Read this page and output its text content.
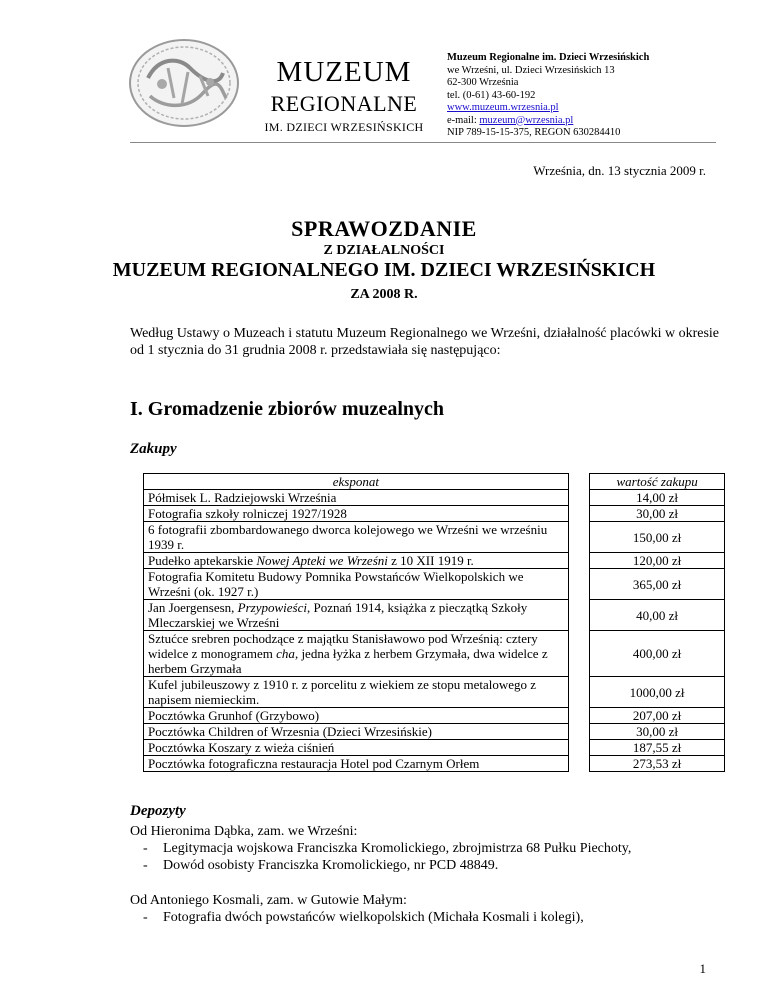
MUZEUM
REGIONALNE
IM. DZIECI WRZESIŃSKICH
Muzeum Regionalne im. Dzieci Wrzesińskich
we Wrześni, ul. Dzieci Wrzesińskich 13
62-300 Września
tel. (0-61) 43-60-192
www.muzeum.wrzesnia.pl
e-mail: muzeum@wrzesnia.pl
NIP 789-15-15-375, REGON 630284410
Września, dn. 13 stycznia 2009 r.
SPRAWOZDANIE
Z DZIAŁALNOŚCI
MUZEUM REGIONALNEGO IM. DZIECI WRZESIŃSKICH
ZA 2008 R.
Według Ustawy o Muzeach i statutu Muzeum Regionalnego we Wrześni, działalność placówki w okresie od 1 stycznia do 31 grudnia 2008 r. przedstawiała się następująco:
I. Gromadzenie zbiorów muzealnych
Zakupy
eksponat		wartość zakupu
Półmisek L. Radziejowski Września		14,00 zł
Fotografia szkoły rolniczej 1927/1928		30,00 zł
6 fotografii zbombardowanego dworca kolejowego we Wrześni we wrześniu 1939 r.		150,00 zł
Pudełko aptekarskie Nowej Apteki we Wrześni z 10 XII 1919 r.		120,00 zł
Fotografia Komitetu Budowy Pomnika Powstańców Wielkopolskich we Wrześni (ok. 1927 r.)		365,00 zł
Jan Joergensesn, Przypowieści, Poznań 1914, książka z pieczątką Szkoły Mleczarskiej we Wrześni		40,00 zł
Sztućce srebren pochodzące z majątku Stanisławowo pod Wrześnią: cztery widelce z monogramem cha, jedna łyżka z herbem Grzymała, dwa widelce z herbem Grzymała		400,00 zł
Kufel jubileuszowy z 1910 r. z porcelitu z wiekiem ze stopu metalowego z napisem niemieckim.		1000,00 zł
Pocztówka Grunhof (Grzybowo)		207,00 zł
Pocztówka Children of Wrzesnia (Dzieci Wrzesińskie)		30,00 zł
Pocztówka Koszary z wieża ciśnień		187,55 zł
Pocztówka fotograficzna restauracja Hotel pod Czarnym Orłem		273,53 zł
Depozyty
Od Hieronima Dąbka, zam. we Wrześni:
- Legitymacja wojskowa Franciszka Kromolickiego, zbrojmistrza 68 Pułku Piechoty,
- Dowód osobisty Franciszka Kromolickiego, nr PCD 48849.
Od Antoniego Kosmali, zam. w Gutowie Małym:
- Fotografia dwóch powstańców wielkopolskich (Michała Kosmali i kolegi),
1
